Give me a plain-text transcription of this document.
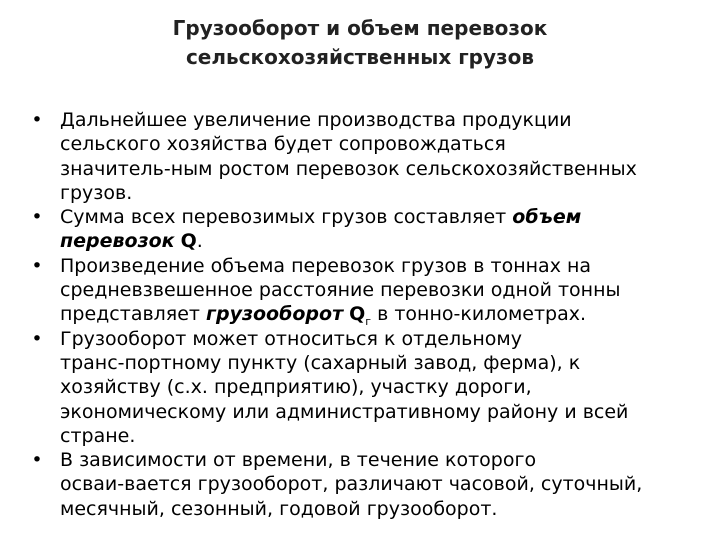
Грузооборот и объем перевозок
сельскохозяйственных грузов
• Дальнейшее увеличение производства продукции
сельского хозяйства будет сопровождаться
значитель-ным ростом перевозок сельскохозяйственных
грузов.
• Сумма всех перевозимых грузов составляет объем
перевозок Q.
• Произведение объема перевозок грузов в тоннах на
средневзвешенное расстояние перевозки одной тонны
представляет грузооборот $Q_г$ в тонно-километрах.
• Грузооборот может относиться к отдельному
транс-портному пункту (сахарный завод, ферма), к
хозяйству (с.х. предприятию), участку дороги,
экономическому или административному району и всей
стране.
• В зависимости от времени, в течение которого
осваи-вается грузооборот, различают часовой, суточный,
месячный, сезонный, годовой грузооборот.
